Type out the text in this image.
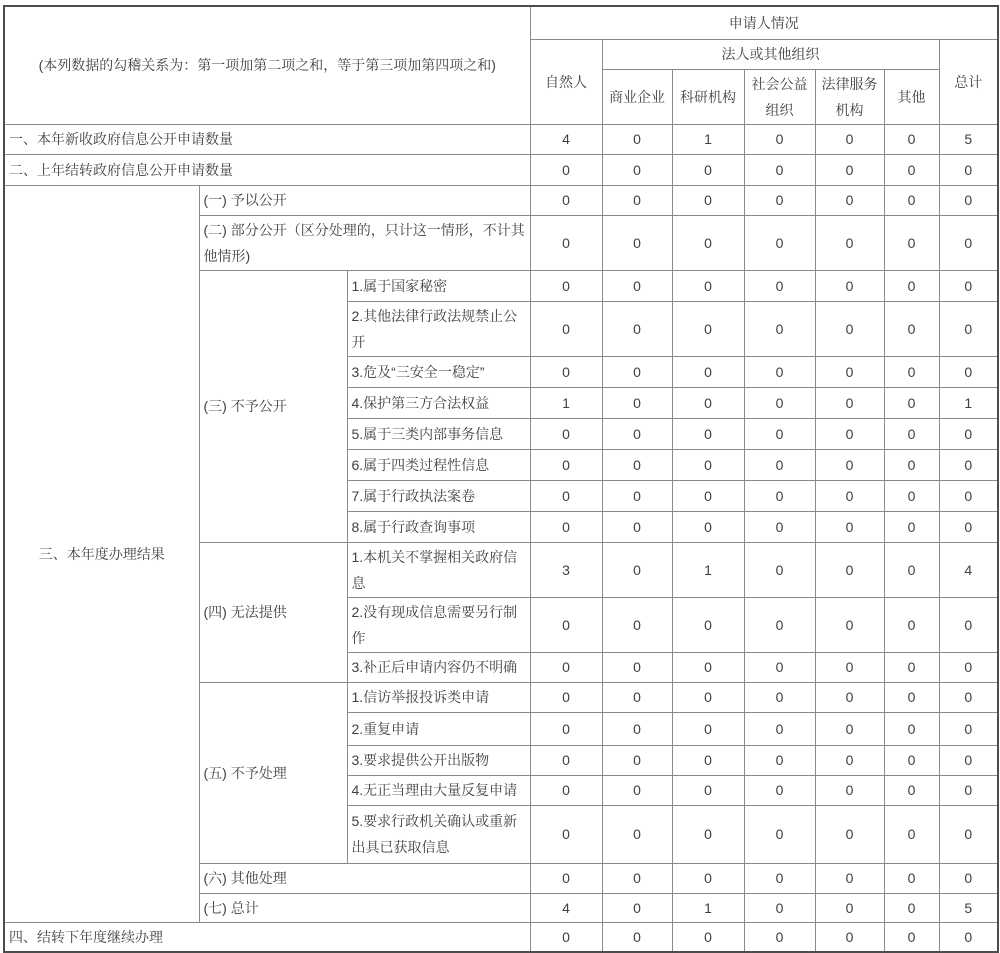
(本列数据的勾稽关系为：第一项加第二项之和，等于第三项加第四项之和)			申请人情况						
			自然人	法人或其他组织					总计
				商业企业	科研机构	社会公益组织	法律服务机构	其他	
一、本年新收政府信息公开申请数量			4	0	1	0	0	0	5
二、上年结转政府信息公开申请数量			0	0	0	0	0	0	0
三、本年度办理结果	(一) 予以公开		0	0	0	0	0	0	0
	(二) 部分公开（区分处理的，只计这一情形，不计其他情形)		0	0	0	0	0	0	0
	(三) 不予公开	1.属于国家秘密	0	0	0	0	0	0	0
		2.其他法律行政法规禁止公开	0	0	0	0	0	0	0
		3.危及“三安全一稳定”	0	0	0	0	0	0	0
		4.保护第三方合法权益	1	0	0	0	0	0	1
		5.属于三类内部事务信息	0	0	0	0	0	0	0
		6.属于四类过程性信息	0	0	0	0	0	0	0
		7.属于行政执法案卷	0	0	0	0	0	0	0
		8.属于行政查询事项	0	0	0	0	0	0	0
	(四) 无法提供	1.本机关不掌握相关政府信息	3	0	1	0	0	0	4
		2.没有现成信息需要另行制作	0	0	0	0	0	0	0
		3.补正后申请内容仍不明确	0	0	0	0	0	0	0
	(五) 不予处理	1.信访举报投诉类申请	0	0	0	0	0	0	0
		2.重复申请	0	0	0	0	0	0	0
		3.要求提供公开出版物	0	0	0	0	0	0	0
		4.无正当理由大量反复申请	0	0	0	0	0	0	0
		5.要求行政机关确认或重新出具已获取信息	0	0	0	0	0	0	0
	(六) 其他处理		0	0	0	0	0	0	0
	(七) 总计		4	0	1	0	0	0	5
四、结转下年度继续办理			0	0	0	0	0	0	0
